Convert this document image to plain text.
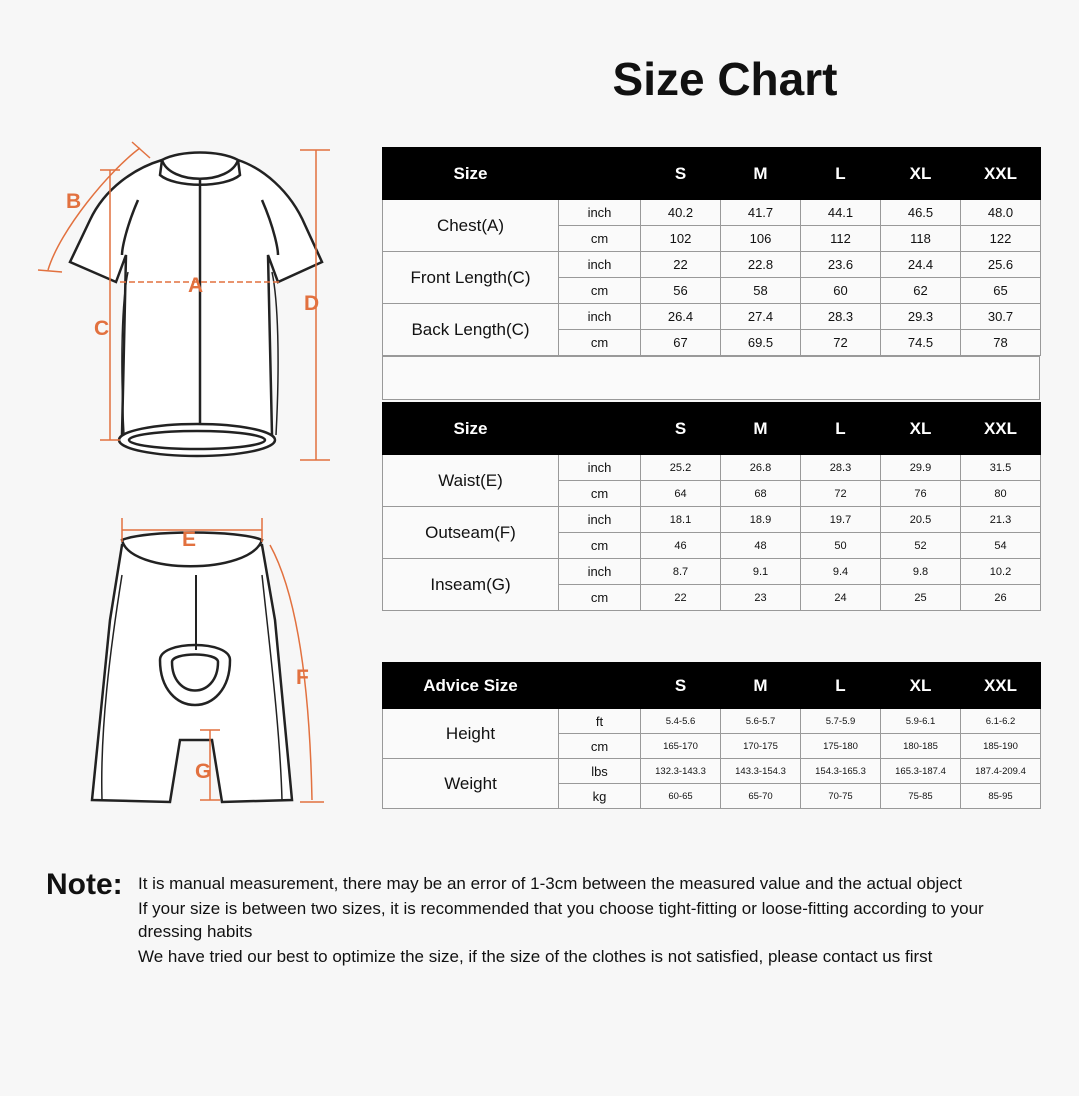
Size Chart
A
B
C
D
E
F
G
Size		S	M	L	XL	XXL
Chest(A)	inch	40.2	41.7	44.1	46.5	48.0
	cm	102	106	112	118	122
Front Length(C)	inch	22	22.8	23.6	24.4	25.6
	cm	56	58	60	62	65
Back Length(C)	inch	26.4	27.4	28.3	29.3	30.7
	cm	67	69.5	72	74.5	78
Size		S	M	L	XL	XXL
Waist(E)	inch	25.2	26.8	28.3	29.9	31.5
	cm	64	68	72	76	80
Outseam(F)	inch	18.1	18.9	19.7	20.5	21.3
	cm	46	48	50	52	54
Inseam(G)	inch	8.7	9.1	9.4	9.8	10.2
	cm	22	23	24	25	26
Advice Size		S	M	L	XL	XXL
Height	ft	5.4-5.6	5.6-5.7	5.7-5.9	5.9-6.1	6.1-6.2
	cm	165-170	170-175	175-180	180-185	185-190
Weight	lbs	132.3-143.3	143.3-154.3	154.3-165.3	165.3-187.4	187.4-209.4
	kg	60-65	65-70	70-75	75-85	85-95
Note: It is manual measurement, there may be an error of 1-3cm between the measured value and the actual object

If your size is between two sizes, it is recommended that you choose tight-fitting or loose-fitting according to your dressing habits

We have tried our best to optimize the size, if the size of the clothes is not satisfied, please contact us first
